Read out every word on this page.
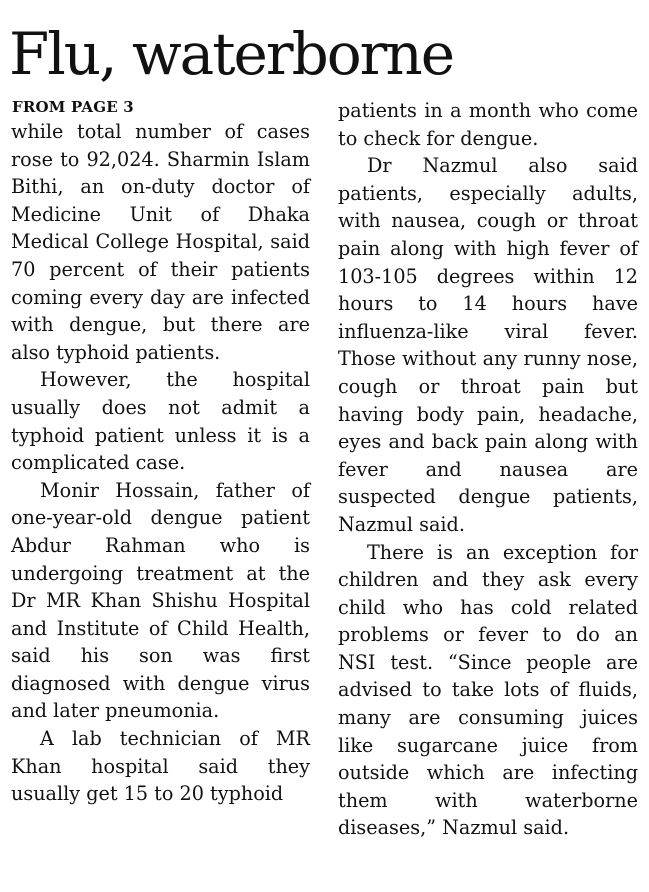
Flu, waterborne
FROM PAGE 3

while total number of cases rose to 92,024. Sharmin Islam Bithi, an on-duty doctor of Medicine Unit of Dhaka Medical College Hospital, said 70 percent of their patients coming every day are infected with dengue, but there are also typhoid patients.

However, the hospital usually does not admit a typhoid patient unless it is a complicated case.

Monir Hossain, father of one-year-old dengue patient Abdur Rahman who is undergoing treatment at the Dr MR Khan Shishu Hospital and Institute of Child Health, said his son was first diagnosed with dengue virus and later pneumonia.

A lab technician of MR Khan hospital said they usually get 15 to 20 typhoid

patients in a month who come to check for dengue.

Dr Nazmul also said patients, especially adults, with nausea, cough or throat pain along with high fever of 103-105 degrees within 12 hours to 14 hours have influenza-like viral fever. Those without any runny nose, cough or throat pain but having body pain, headache, eyes and back pain along with fever and nausea are suspected dengue patients, Nazmul said.

There is an exception for children and they ask every child who has cold related problems or fever to do an NSI test. “Since people are advised to take lots of fluids, many are consuming juices like sugarcane juice from outside which are infecting them with waterborne diseases,” Nazmul said.
